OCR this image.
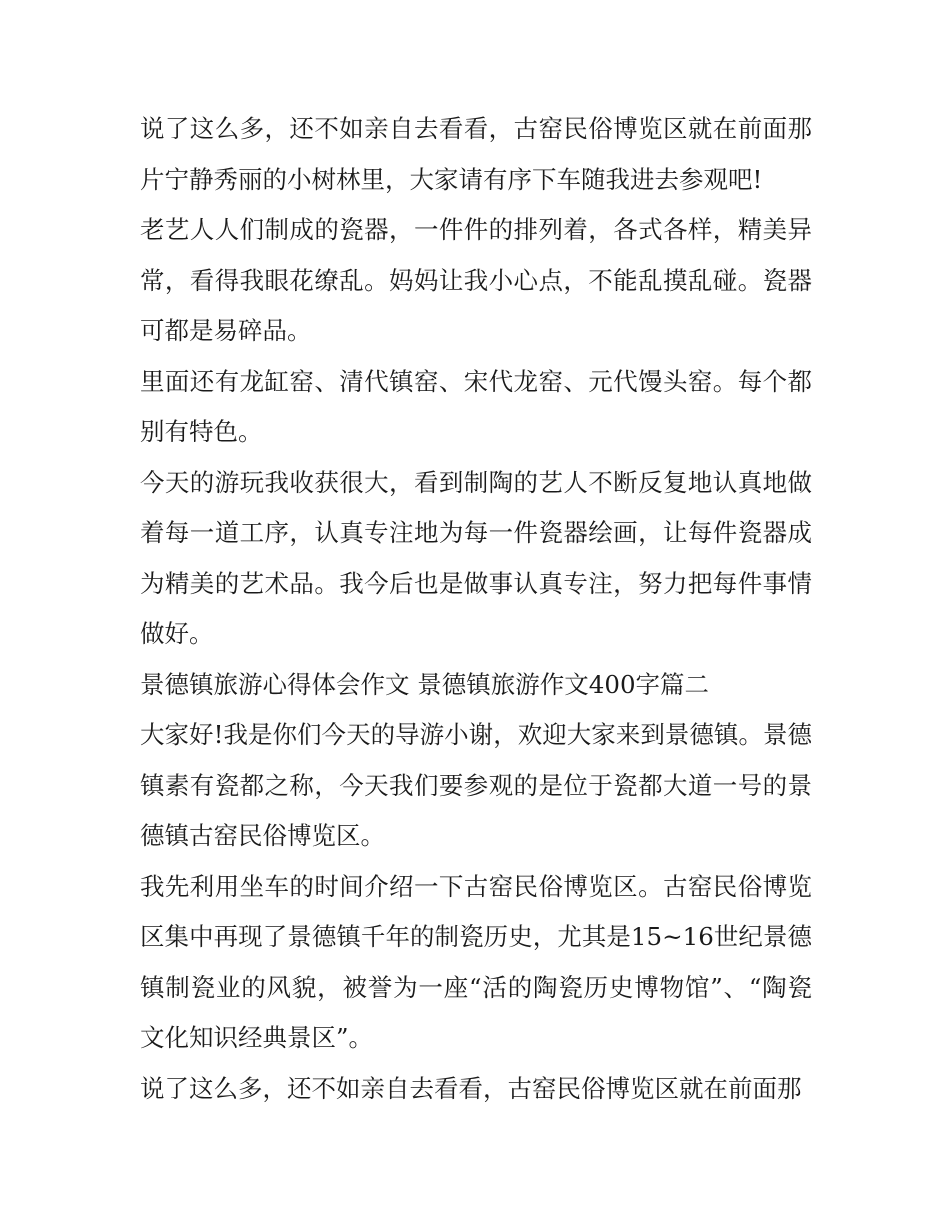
说了这么多，还不如亲自去看看，古窑民俗博览区就在前面那片宁静秀丽的小树林里，大家请有序下车随我进去参观吧!

老艺人人们制成的瓷器，一件件的排列着，各式各样，精美异常，看得我眼花缭乱。妈妈让我小心点，不能乱摸乱碰。瓷器可都是易碎品。

里面还有龙缸窑、清代镇窑、宋代龙窑、元代馒头窑。每个都别有特色。

今天的游玩我收获很大，看到制陶的艺人不断反复地认真地做着每一道工序，认真专注地为每一件瓷器绘画，让每件瓷器成为精美的艺术品。我今后也是做事认真专注，努力把每件事情做好。

景德镇旅游心得体会作文 景德镇旅游作文400字篇二

大家好!我是你们今天的导游小谢，欢迎大家来到景德镇。景德镇素有瓷都之称，今天我们要参观的是位于瓷都大道一号的景德镇古窑民俗博览区。

我先利用坐车的时间介绍一下古窑民俗博览区。古窑民俗博览区集中再现了景德镇千年的制瓷历史，尤其是15~16世纪景德镇制瓷业的风貌，被誉为一座“活的陶瓷历史博物馆”、“陶瓷文化知识经典景区”。

说了这么多，还不如亲自去看看，古窑民俗博览区就在前面那
